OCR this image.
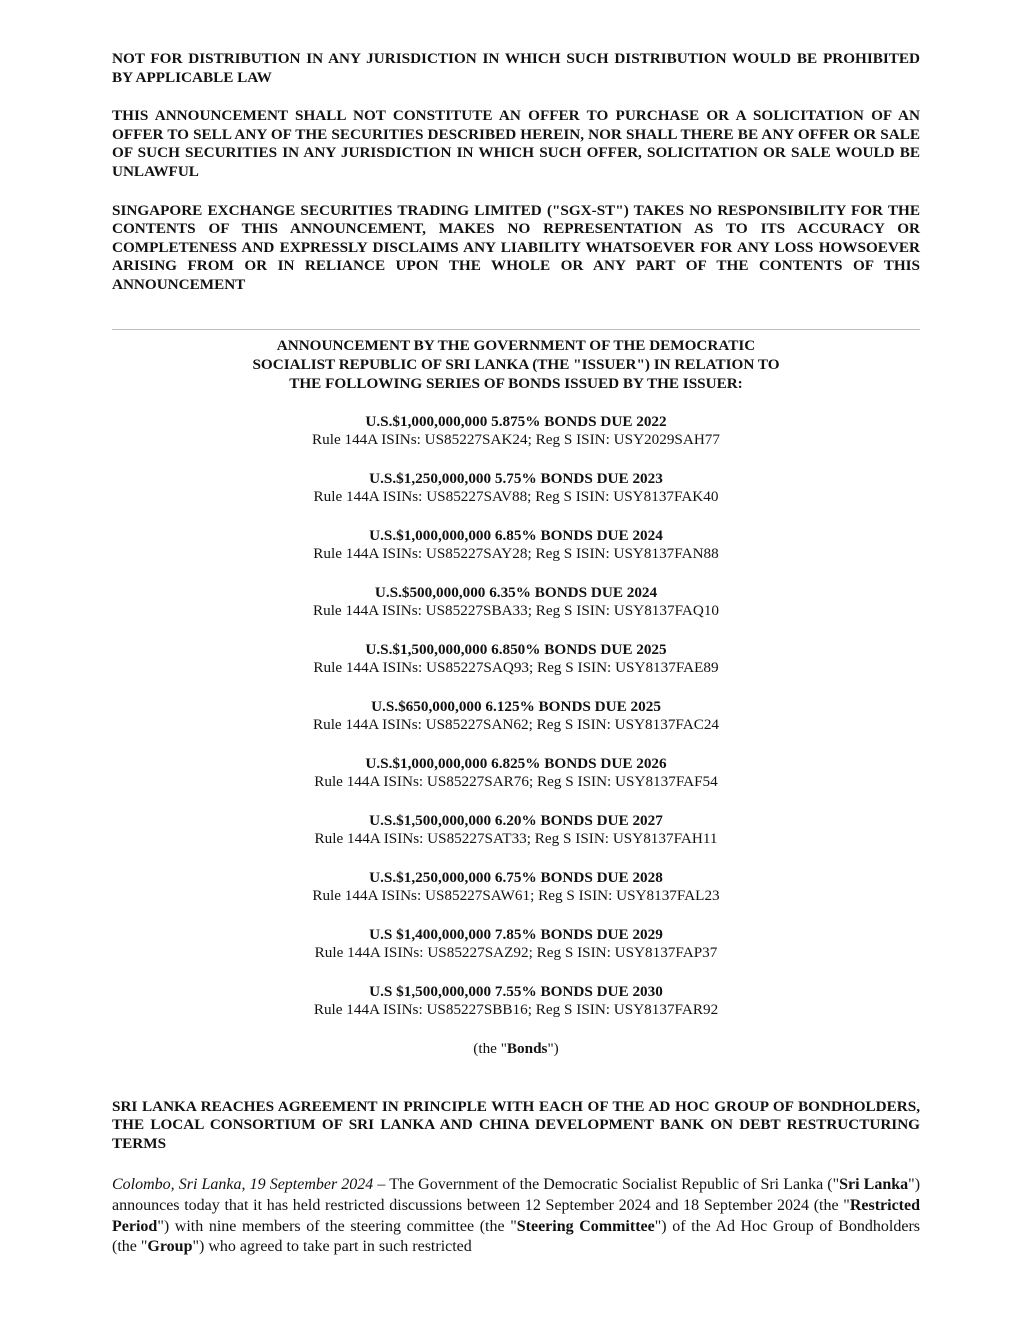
NOT FOR DISTRIBUTION IN ANY JURISDICTION IN WHICH SUCH DISTRIBUTION WOULD BE PROHIBITED BY APPLICABLE LAW

THIS ANNOUNCEMENT SHALL NOT CONSTITUTE AN OFFER TO PURCHASE OR A SOLICITATION OF AN OFFER TO SELL ANY OF THE SECURITIES DESCRIBED HEREIN, NOR SHALL THERE BE ANY OFFER OR SALE OF SUCH SECURITIES IN ANY JURISDICTION IN WHICH SUCH OFFER, SOLICITATION OR SALE WOULD BE UNLAWFUL

SINGAPORE EXCHANGE SECURITIES TRADING LIMITED ("SGX-ST") TAKES NO RESPONSIBILITY FOR THE CONTENTS OF THIS ANNOUNCEMENT, MAKES NO REPRESENTATION AS TO ITS ACCURACY OR COMPLETENESS AND EXPRESSLY DISCLAIMS ANY LIABILITY WHATSOEVER FOR ANY LOSS HOWSOEVER ARISING FROM OR IN RELIANCE UPON THE WHOLE OR ANY PART OF THE CONTENTS OF THIS ANNOUNCEMENT

ANNOUNCEMENT BY THE GOVERNMENT OF THE DEMOCRATIC SOCIALIST REPUBLIC OF SRI LANKA (THE "ISSUER") IN RELATION TO THE FOLLOWING SERIES OF BONDS ISSUED BY THE ISSUER:
U.S.$1,000,000,000 5.875% BONDS DUE 2022
Rule 144A ISINs: US85227SAK24; Reg S ISIN: USY2029SAH77
U.S.$1,250,000,000 5.75% BONDS DUE 2023
Rule 144A ISINs: US85227SAV88; Reg S ISIN: USY8137FAK40
U.S.$1,000,000,000 6.85% BONDS DUE 2024
Rule 144A ISINs: US85227SAY28; Reg S ISIN: USY8137FAN88
U.S.$500,000,000 6.35% BONDS DUE 2024
Rule 144A ISINs: US85227SBA33; Reg S ISIN: USY8137FAQ10
U.S.$1,500,000,000 6.850% BONDS DUE 2025
Rule 144A ISINs: US85227SAQ93; Reg S ISIN: USY8137FAE89
U.S.$650,000,000 6.125% BONDS DUE 2025
Rule 144A ISINs: US85227SAN62; Reg S ISIN: USY8137FAC24
U.S.$1,000,000,000 6.825% BONDS DUE 2026
Rule 144A ISINs: US85227SAR76; Reg S ISIN: USY8137FAF54
U.S.$1,500,000,000 6.20% BONDS DUE 2027
Rule 144A ISINs: US85227SAT33; Reg S ISIN: USY8137FAH11
U.S.$1,250,000,000 6.75% BONDS DUE 2028
Rule 144A ISINs: US85227SAW61; Reg S ISIN: USY8137FAL23
U.S $1,400,000,000 7.85% BONDS DUE 2029
Rule 144A ISINs: US85227SAZ92; Reg S ISIN: USY8137FAP37
U.S $1,500,000,000 7.55% BONDS DUE 2030
Rule 144A ISINs: US85227SBB16; Reg S ISIN: USY8137FAR92
(the "Bonds")
SRI LANKA REACHES AGREEMENT IN PRINCIPLE WITH EACH OF THE AD HOC GROUP OF BONDHOLDERS, THE LOCAL CONSORTIUM OF SRI LANKA AND CHINA DEVELOPMENT BANK ON DEBT RESTRUCTURING TERMS

Colombo, Sri Lanka, 19 September 2024 – The Government of the Democratic Socialist Republic of Sri Lanka ("Sri Lanka") announces today that it has held restricted discussions between 12 September 2024 and 18 September 2024 (the "Restricted Period") with nine members of the steering committee (the "Steering Committee") of the Ad Hoc Group of Bondholders (the "Group") who agreed to take part in such restricted
